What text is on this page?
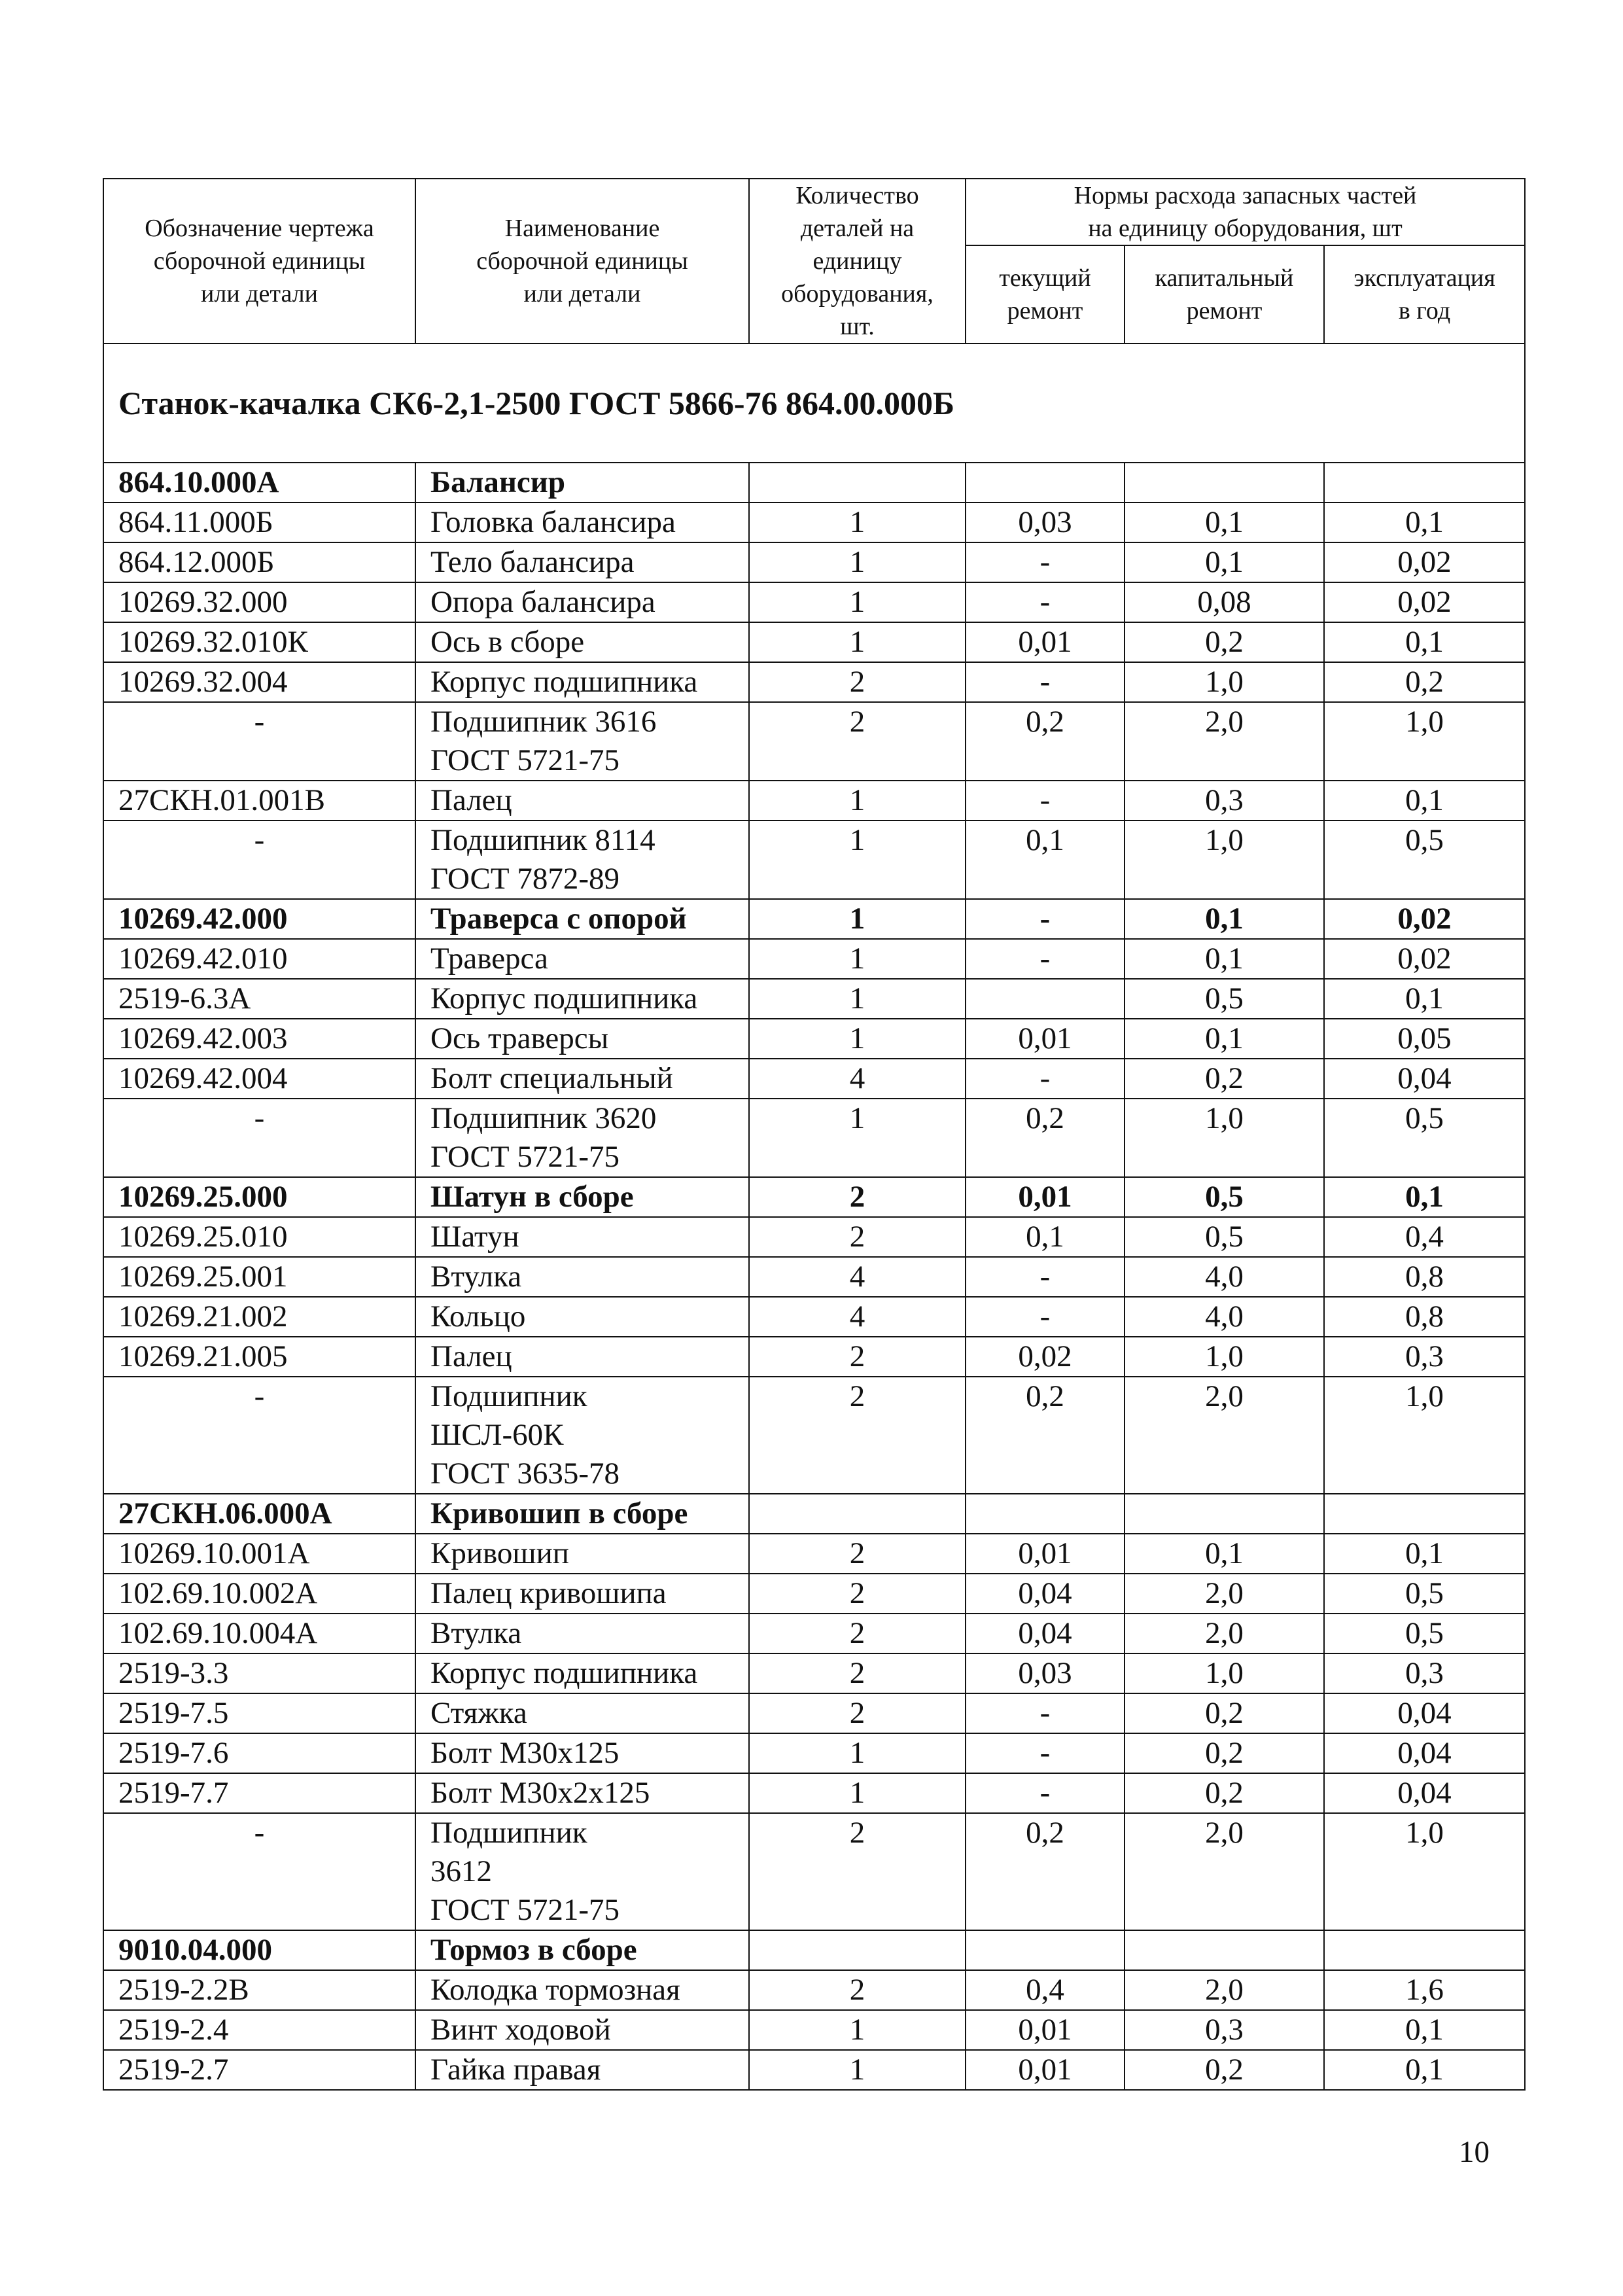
Обозначение чертежа
сборочной единицы
или детали	Наименование
сборочной единицы
или детали	Количество
деталей на
единицу
оборудования,
шт.	Нормы расхода запасных частей
на единицу оборудования, шт		
			текущий
ремонт	капитальный
ремонт	эксплуатация
в год
Станок-качалка СК6-2,1-2500 ГОСТ 5866-76 864.00.000Б					
864.10.000А	Балансир				
864.11.000Б	Головка балансира	1	0,03	0,1	0,1
864.12.000Б	Тело балансира	1	-	0,1	0,02
10269.32.000	Опора балансира	1	-	0,08	0,02
10269.32.010К	Ось в сборе	1	0,01	0,2	0,1
10269.32.004	Корпус подшипника	2	-	1,0	0,2
-	Подшипник 3616
ГОСТ 5721-75	2	0,2	2,0	1,0
27СКН.01.001В	Палец	1	-	0,3	0,1
-	Подшипник 8114
ГОСТ 7872-89	1	0,1	1,0	0,5
10269.42.000	Траверса с опорой	1	-	0,1	0,02
10269.42.010	Траверса	1	-	0,1	0,02
2519-6.3А	Корпус подшипника	1		0,5	0,1
10269.42.003	Ось траверсы	1	0,01	0,1	0,05
10269.42.004	Болт специальный	4	-	0,2	0,04
-	Подшипник 3620
ГОСТ 5721-75	1	0,2	1,0	0,5
10269.25.000	Шатун в сборе	2	0,01	0,5	0,1
10269.25.010	Шатун	2	0,1	0,5	0,4
10269.25.001	Втулка	4	-	4,0	0,8
10269.21.002	Кольцо	4	-	4,0	0,8
10269.21.005	Палец	2	0,02	1,0	0,3
-	Подшипник
ШСЛ-60К
ГОСТ 3635-78	2	0,2	2,0	1,0
27СКН.06.000А	Кривошип в сборе				
10269.10.001А	Кривошип	2	0,01	0,1	0,1
102.69.10.002А	Палец кривошипа	2	0,04	2,0	0,5
102.69.10.004А	Втулка	2	0,04	2,0	0,5
2519-3.3	Корпус подшипника	2	0,03	1,0	0,3
2519-7.5	Стяжка	2	-	0,2	0,04
2519-7.6	Болт М30х125	1	-	0,2	0,04
2519-7.7	Болт М30х2х125	1	-	0,2	0,04
-	Подшипник
3612
ГОСТ 5721-75	2	0,2	2,0	1,0
9010.04.000	Тормоз в сборе				
2519-2.2В	Колодка тормозная	2	0,4	2,0	1,6
2519-2.4	Винт ходовой	1	0,01	0,3	0,1
2519-2.7	Гайка правая	1	0,01	0,2	0,1
10
